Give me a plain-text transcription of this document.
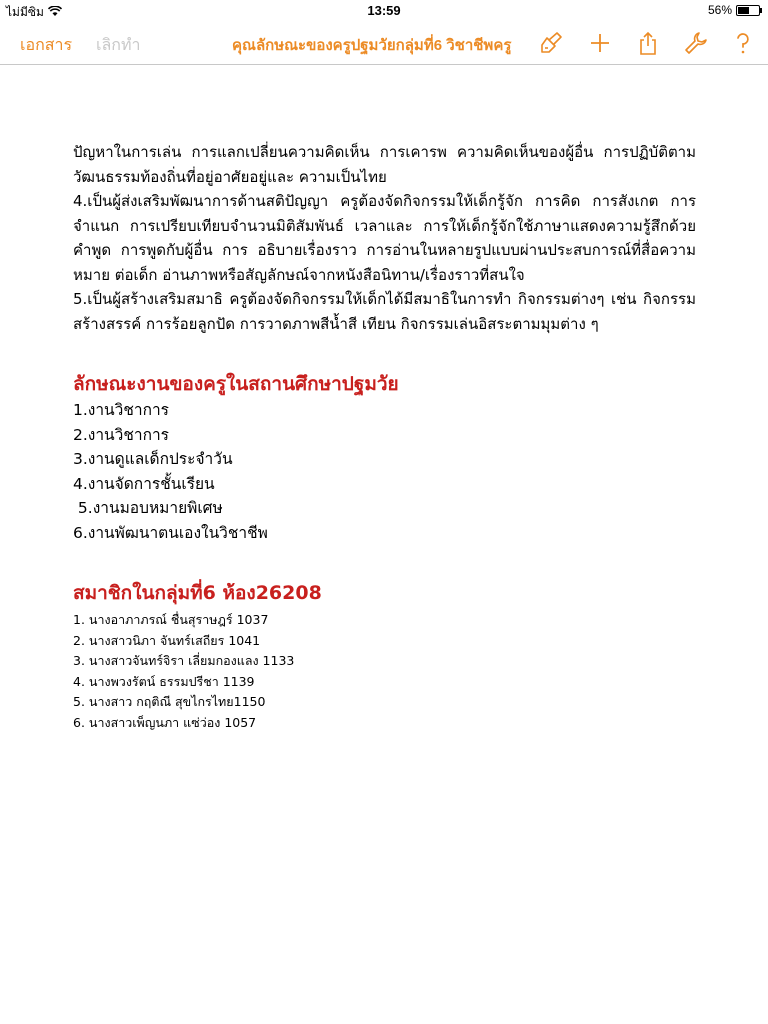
ไม่มีซิม	13:59	56%
เอกสาร เลิกทำ	คุณลักษณะของครูปฐมวัยกลุ่มที่6 วิชาชีพครู

ปัญหาในการเล่น การแลกเปลี่ยนความคิดเห็น การเคารพ ความคิดเห็นของผู้อื่น การปฏิบัติตามวัฒนธรรมท้องถิ่นที่อยู่อาศัยอยู่และ ความเป็นไทย

4.เป็นผู้ส่งเสริมพัฒนาการด้านสติปัญญา ครูต้องจัดกิจกรรมให้เด็กรู้จัก การคิด การสังเกต การจำแนก การเปรียบเทียบจำนวนมิติสัมพันธ์ เวลาและ การให้เด็กรู้จักใช้ภาษาแสดงความรู้สึกด้วยคำพูด การพูดกับผู้อื่น การ อธิบายเรื่องราว การอ่านในหลายรูปแบบผ่านประสบการณ์ที่สื่อความหมาย ต่อเด็ก อ่านภาพหรือสัญลักษณ์จากหนังสือนิทาน/เรื่องราวที่สนใจ

5.เป็นผู้สร้างเสริมสมาธิ ครูต้องจัดกิจกรรมให้เด็กได้มีสมาธิในการทำ กิจกรรมต่างๆ เช่น กิจกรรมสร้างสรรค์ การร้อยลูกปัด การวาดภาพสีน้ำสี เทียน กิจกรรมเล่นอิสระตามมุมต่าง ๆ

ลักษณะงานของครูในสถานศึกษาปฐมวัย

1.งานวิชาการ

2.งานวิชาการ

3.งานดูแลเด็กประจำวัน

4.งานจัดการชั้นเรียน

5.งานมอบหมายพิเศษ

6.งานพัฒนาตนเองในวิชาชีพ

สมาชิกในกลุ่มที่6 ห้อง26208

1. นางอาภาภรณ์ ชื่นสุราษฎร์ 1037

2. นางสาวนิภา จันทร์เสถียร 1041

3. นางสาวจันทร์จิรา เลี่ยมกองแลง 1133

4. นางพวงรัตน์ ธรรมปรีชา 1139

5. นางสาว กฤติณี สุขไกรไทย1150

6. นางสาวเพ็ญนภา แซ่ว่อง 1057
